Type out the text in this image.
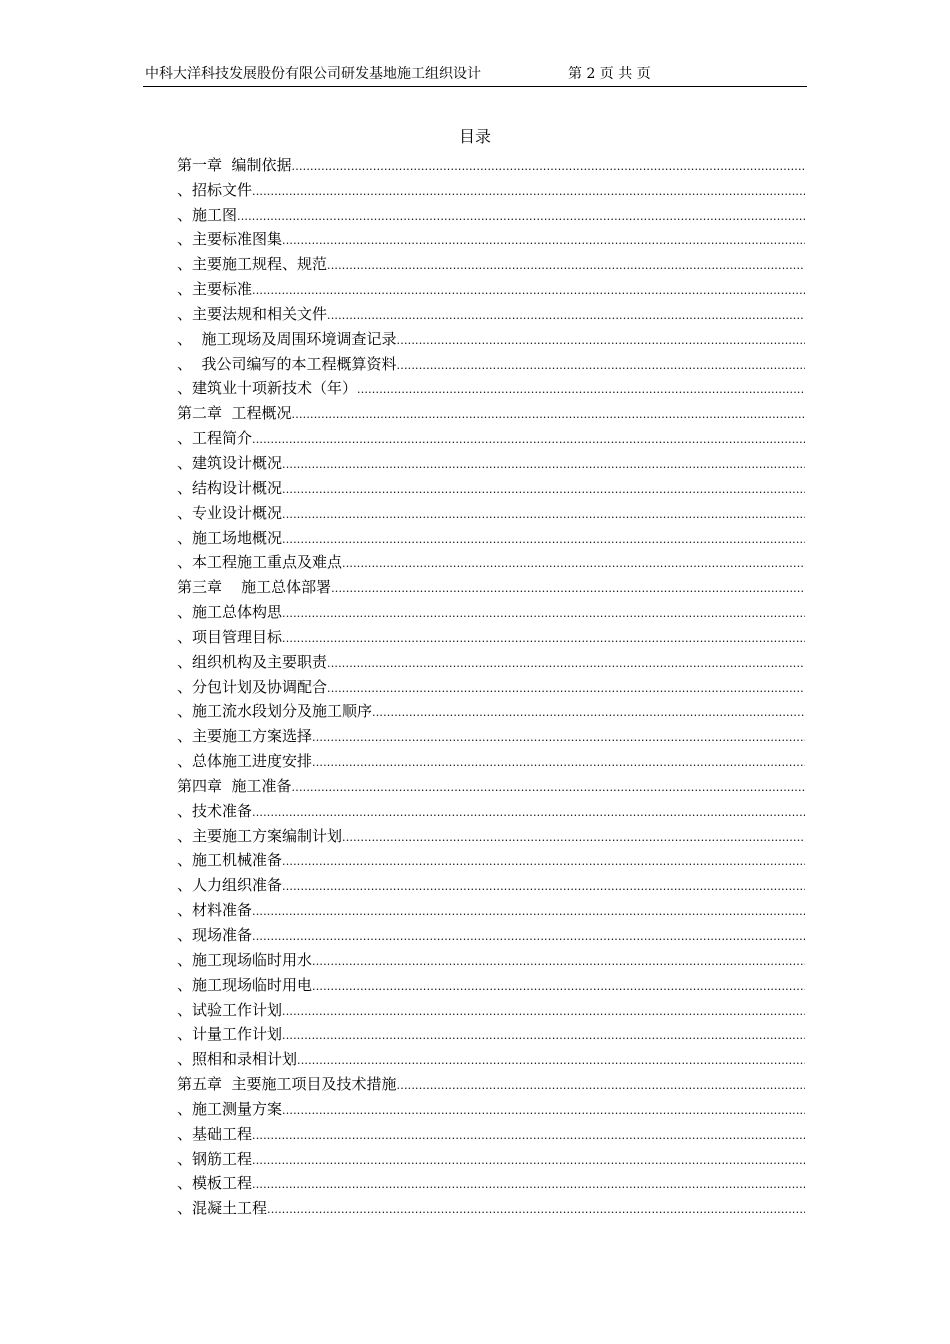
中科大洋科技发展股份有限公司研发基地施工组织设计	第 2 页 共 页
目录
第一章  编制依据
.....
、招标文件
.....
、施工图
.....
、主要标准图集
.....
、主要施工规程、规范
.....
、主要标准
.....
、主要法规和相关文件
.....
、  施工现场及周围环境调查记录
.....
、  我公司编写的本工程概算资料
.....
、建筑业十项新技术（年）
.....
第二章  工程概况
.....
、工程简介
.....
、建筑设计概况
.....
、结构设计概况
.....
、专业设计概况
.....
、施工场地概况
.....
、本工程施工重点及难点
.....
第三章    施工总体部署
.....
、施工总体构思
.....
、项目管理目标
.....
、组织机构及主要职责
.....
、分包计划及协调配合
.....
、施工流水段划分及施工顺序
.....
、主要施工方案选择
.....
、总体施工进度安排
.....
第四章  施工准备
.....
、技术准备
.....
、主要施工方案编制计划
.....
、施工机械准备
.....
、人力组织准备
.....
、材料准备
.....
、现场准备
.....
、施工现场临时用水
.....
、施工现场临时用电
.....
、试验工作计划
.....
、计量工作计划
.....
、照相和录相计划
.....
第五章  主要施工项目及技术措施
.....
、施工测量方案
.....
、基础工程
.....
、钢筋工程
.....
、模板工程
.....
、混凝土工程
.....
